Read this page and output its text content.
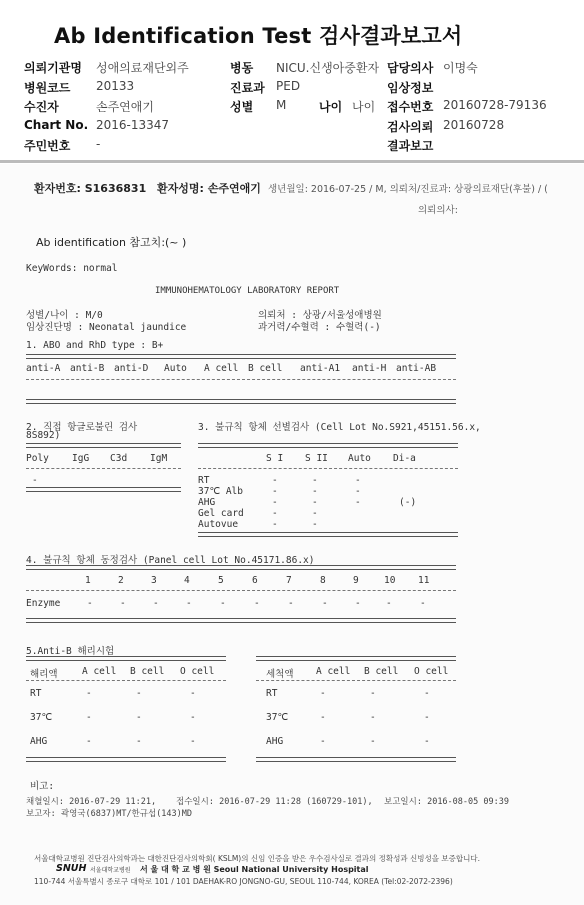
Ab Identification Test 검사결과보고서
의뢰기관명 성애의료재단외주	병동 NICU.신생아중환자 담당의사 이명숙
병원코드 20133	진료과 PED	임상정보
수진자	손주연애기	성별 M	나이 나이 접수번호 20160728-79136
Chart No. 2016-13347	검사의뢰 20160728
주민번호 -	결과보고
환자번호: S1636831 환자성명: 손주연애기 생년월일: 2016-07-25 / M, 의뢰처/진료과: 상광의료재단(후불) / (
의뢰의사:
Ab identification 참고치:(~ )
KeyWords: normal
IMMUNOHEMATOLOGY LABORATORY REPORT
성별/나이 : M/0
임상진단명 : Neonatal jaundice
의뢰처 : 상광/서울성애병원
과거력/수혈력 : 수혈력(-)
1. ABO and RhD type : B+
anti-A anti-B anti-D Auto A cell B cell anti-A1 anti-H anti-AB
2. 직접 항글로불린 검사
8S892)
Poly IgG C3d IgM
-
3. 불규칙 항체 선별검사 (Cell Lot No.S921,45151.56.x,
S I S II Auto Di-a
RT	-	-	-
37℃ Alb	-	-	-
AHG	-	-	-	(-)
Gel card	-	-
Autovue	-	-
4. 불규칙 항체 동정검사 (Panel cell Lot No.45171.86.x)
1	2	3	4	5	6	7	8	9	10 11
Enzyme	-	-	-	-	-	-	-	-	-	-	-
5.Anti-B 해리시험
해리액	A cell B cell O cell	세척액 A cell B cell O cell
RT	-	-	-	RT	-	-	-
37℃	-	-	-	37℃	-	-	-
AHG	-	-	-	AHG	-	-	-
비고:
채혈일시: 2016-07-29 11:21, 접수일시: 2016-07-29 11:28 (160729-101), 보고일시: 2016-08-05 09:39
보고자: 곽영국(6837)MT/한규섭(143)MD
서울대학교병원 진단검사의학과는 대한진단검사의학회( KSLM)의 신임 인증을 받은 우수검사실로 결과의 정확성과 신빙성을 보증합니다.
SNUH 서울대학교병원 서 울 대 학 교 병 원 Seoul National University Hospital
110-744 서울특별시 종로구 대학로 101 / 101 DAEHAK-RO JONGNO-GU, SEOUL 110-744, KOREA (Tel:02-2072-2396)
